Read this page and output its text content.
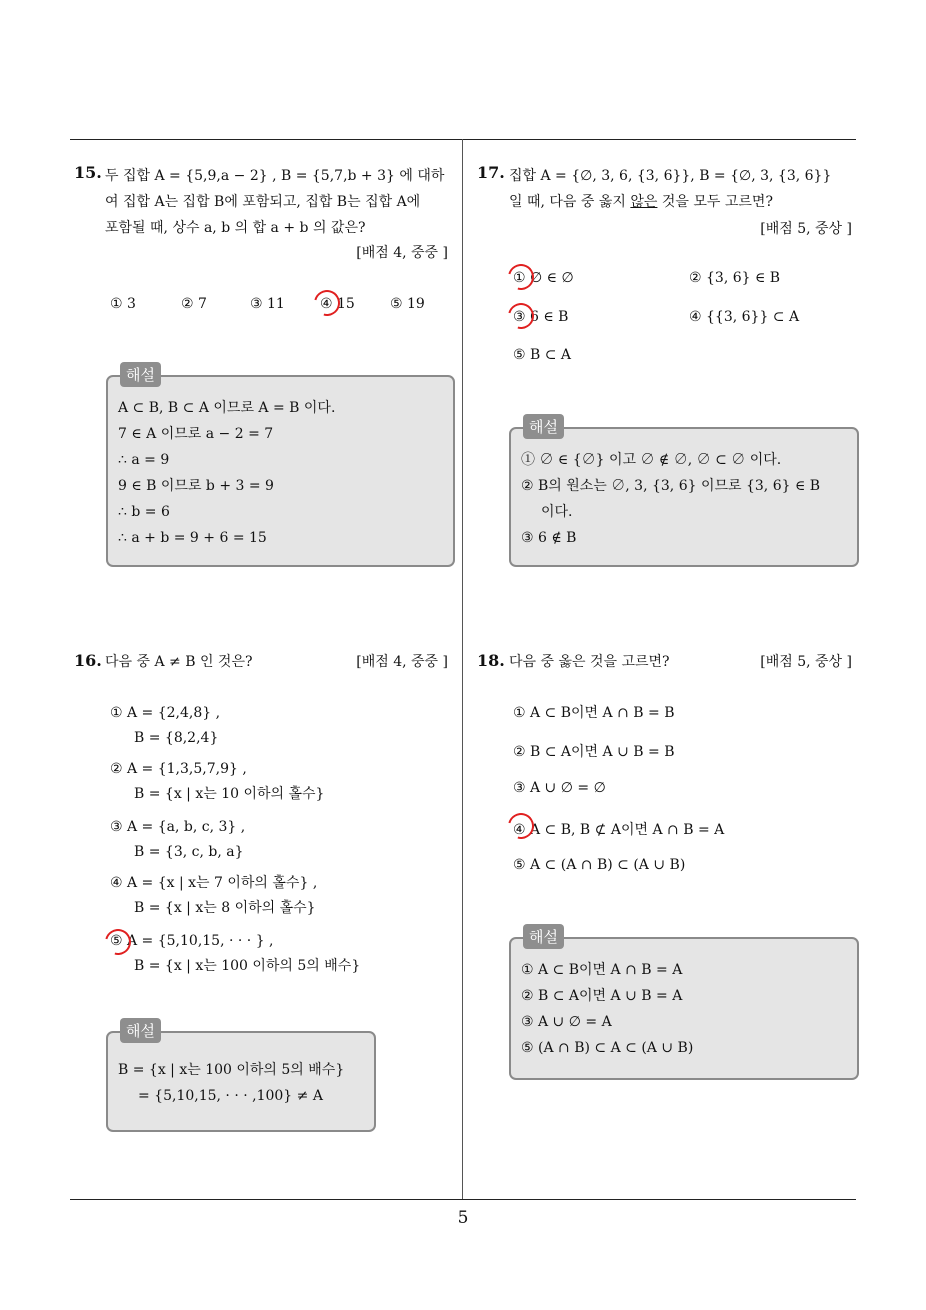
15. 두 집합 A = {5,9,a − 2} , B = {5,7,b + 3} 에 대하
여 집합 A는 집합 B에 포함되고, 집합 B는 집합 A에
포함될 때, 상수 a, b 의 합 a + b 의 값은?
[배점 4, 중중 ]
① 3	② 7	③ 11	④ 15	⑤ 19
해설
A ⊂ B, B ⊂ A 이므로 A = B 이다.
7 ∈ A 이므로 a − 2 = 7
∴ a = 9
9 ∈ B 이므로 b + 3 = 9
∴ b = 6
∴ a + b = 9 + 6 = 15
17. 집합 A = {∅, 3, 6, {3, 6}}, B = {∅, 3, {3, 6}}
일 때, 다음 중 옳지 않은 것을 모두 고르면?
[배점 5, 중상 ]
① ∅ ∈ ∅	② {3, 6} ∈ B
③ 6 ∈ B	④ {{3, 6}} ⊂ A
⑤ B ⊂ A
해설
① ∅ ∈ {∅} 이고 ∅ ∉ ∅, ∅ ⊂ ∅ 이다.
② B의 원소는 ∅, 3, {3, 6} 이므로 {3, 6} ∈ B
이다.
③ 6 ∉ B
16. 다음 중 A ≠ B 인 것은?	[배점 4, 중중 ]
① A = {2,4,8} ,
B = {8,2,4}
② A = {1,3,5,7,9} ,
B = {x | x는 10 이하의 홀수}
③ A = {a, b, c, 3} ,
B = {3, c, b, a}
④ A = {x | x는 7 이하의 홀수} ,
B = {x | x는 8 이하의 홀수}
⑤ A = {5,10,15, · · · } ,
B = {x | x는 100 이하의 5의 배수}
해설
B = {x | x는 100 이하의 5의 배수}
= {5,10,15, · · · ,100} ≠ A
18. 다음 중 옳은 것을 고르면?	[배점 5, 중상 ]
① A ⊂ B이면 A ∩ B = B
② B ⊂ A이면 A ∪ B = B
③ A ∪ ∅ = ∅
④ A ⊂ B, B ⊄ A이면 A ∩ B = A
⑤ A ⊂ (A ∩ B) ⊂ (A ∪ B)
해설
① A ⊂ B이면 A ∩ B = A
② B ⊂ A이면 A ∪ B = A
③ A ∪ ∅ = A
⑤ (A ∩ B) ⊂ A ⊂ (A ∪ B)
5
